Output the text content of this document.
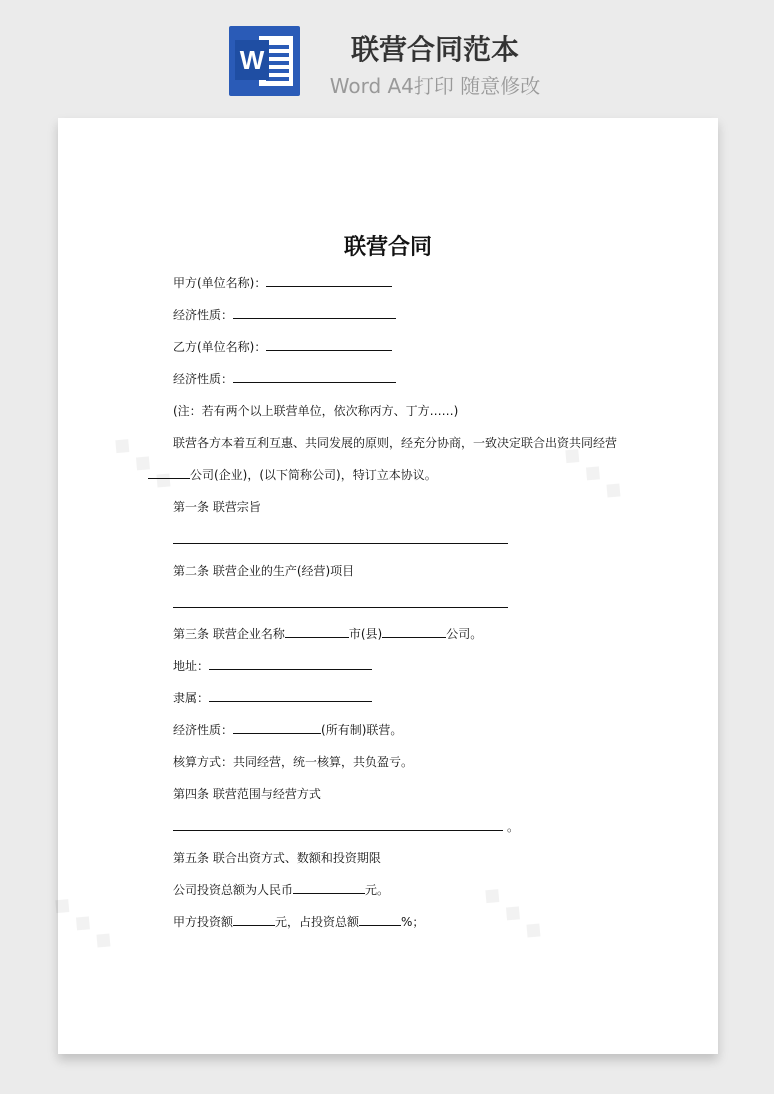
W	联营合同范本
Word A4打印 随意修改
◆ ◆ ◆	◆ ◆ ◆
◆ ◆ ◆
◆ ◆ ◆
联营合同
甲方(单位名称)：
经济性质：
乙方(单位名称)：
经济性质：
(注：若有两个以上联营单位，依次称丙方、丁方……)
联营各方本着互利互惠、共同发展的原则，经充分协商，一致决定联合出资共同经营
公司(企业)，(以下简称公司)，特订立本协议。
第一条 联营宗旨
第二条 联营企业的生产(经营)项目
第三条 联营企业名称	市(县)	公司。
地址：
隶属：
经济性质：	(所有制)联营。
核算方式：共同经营，统一核算，共负盈亏。
第四条 联营范围与经营方式
。
第五条 联合出资方式、数额和投资期限
公司投资总额为人民币	元。
甲方投资额	元，占投资总额	%；
